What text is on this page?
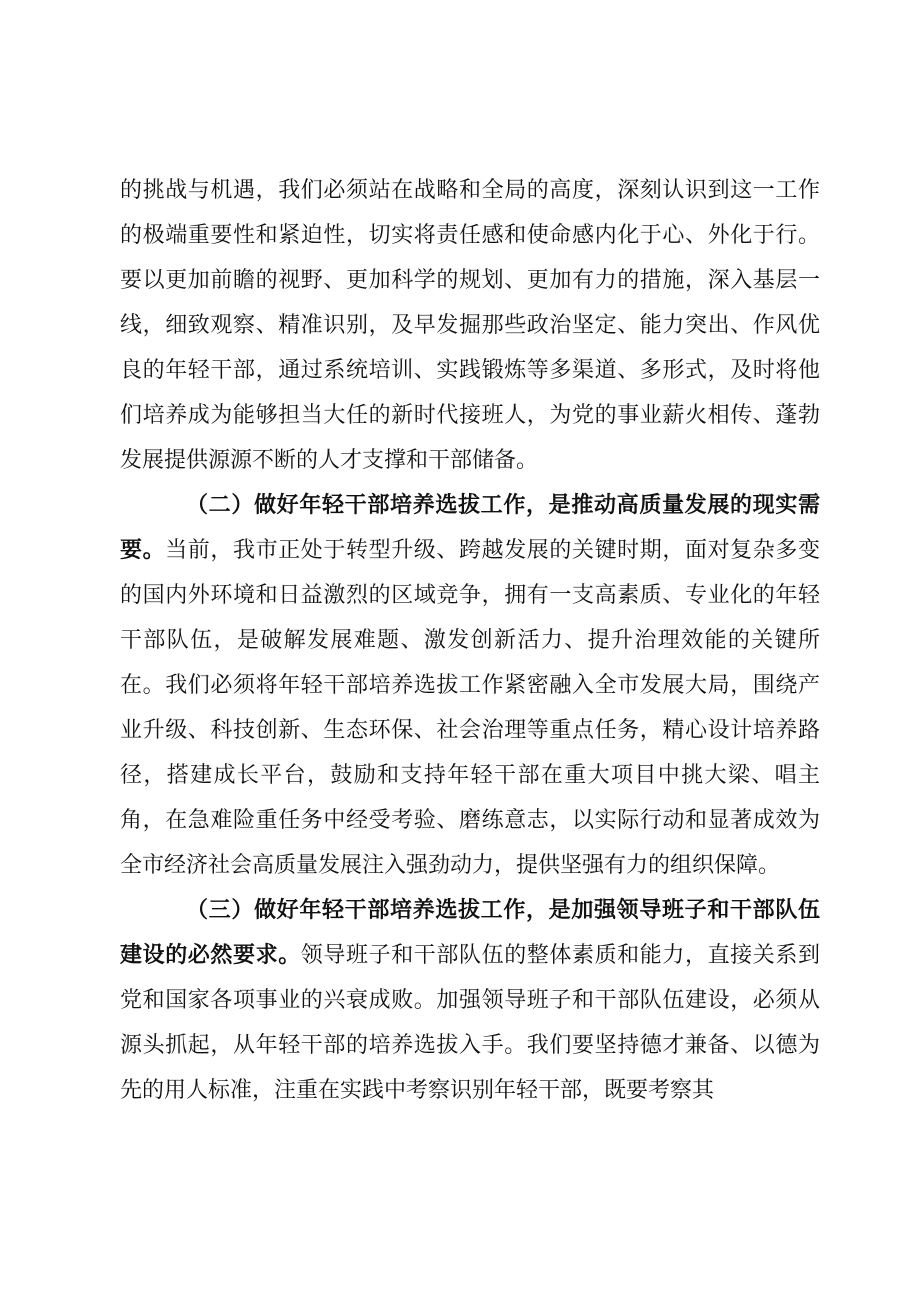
的挑战与机遇，我们必须站在战略和全局的高度，深刻认识到这一工作的极端重要性和紧迫性，切实将责任感和使命感内化于心、外化于行。要以更加前瞻的视野、更加科学的规划、更加有力的措施，深入基层一线，细致观察、精准识别，及早发掘那些政治坚定、能力突出、作风优良的年轻干部，通过系统培训、实践锻炼等多渠道、多形式，及时将他们培养成为能够担当大任的新时代接班人，为党的事业薪火相传、蓬勃发展提供源源不断的人才支撑和干部储备。

（二）做好年轻干部培养选拔工作，是推动高质量发展的现实需要。当前，我市正处于转型升级、跨越发展的关键时期，面对复杂多变的国内外环境和日益激烈的区域竞争，拥有一支高素质、专业化的年轻干部队伍，是破解发展难题、激发创新活力、提升治理效能的关键所在。我们必须将年轻干部培养选拔工作紧密融入全市发展大局，围绕产业升级、科技创新、生态环保、社会治理等重点任务，精心设计培养路径，搭建成长平台，鼓励和支持年轻干部在重大项目中挑大梁、唱主角，在急难险重任务中经受考验、磨练意志，以实际行动和显著成效为全市经济社会高质量发展注入强劲动力，提供坚强有力的组织保障。

（三）做好年轻干部培养选拔工作，是加强领导班子和干部队伍建设的必然要求。领导班子和干部队伍的整体素质和能力，直接关系到党和国家各项事业的兴衰成败。加强领导班子和干部队伍建设，必须从源头抓起，从年轻干部的培养选拔入手。我们要坚持德才兼备、以德为先的用人标准，注重在实践中考察识别年轻干部，既要考察其
